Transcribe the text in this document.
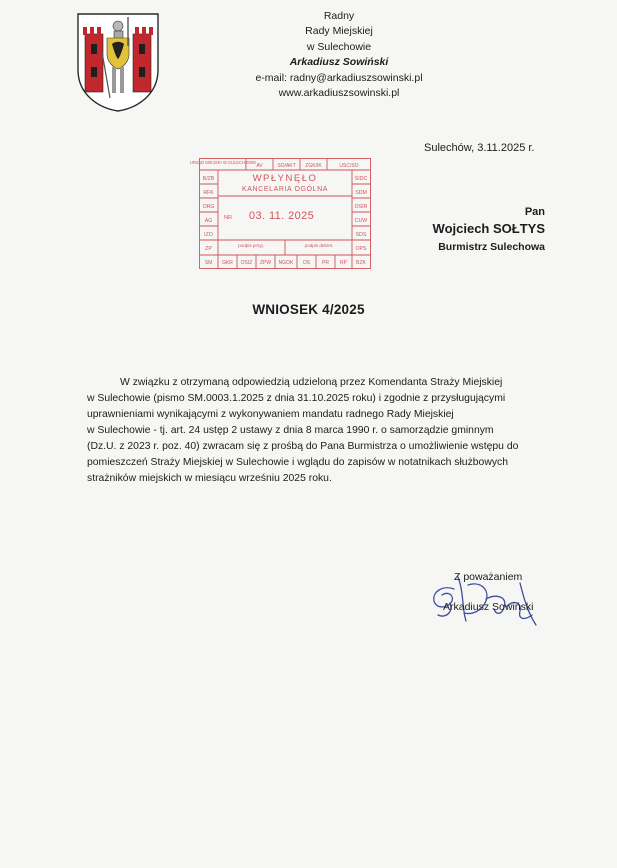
Radny
Rady Miejskiej
w Sulechowie
Arkadiusz Sowiński
e-mail: radny@arkadiuszsowinski.pl
www.arkadiuszsowinski.pl
Sulechów, 3.11.2025 r.
URZĄD MIEJSKI W SULECHOWIE
AV	SO/AKT ZGK/IK	USC/SO
B/ZB
RFK
ORG
AG
IZO
ZP
SIDC
SDM
OSIR
CUW
SDS
OPS
WPŁYNĘŁO
KANCELARIA OGÓLNA
NR 03. 11. 2025
podpis przyj.	podpis dekret.
SM GKR OSIZ ZPW NGOK OS PR RP BZK
Pan
Wojciech SOŁTYS
Burmistrz Sulechowa
WNIOSEK 4/2025
W związku z otrzymaną odpowiedzią udzieloną przez Komendanta Straży Miejskiej
w Sulechowie (pismo SM.0003.1.2025 z dnia 31.10.2025 roku) i zgodnie z przysługującymi
uprawnieniami wynikającymi z wykonywaniem mandatu radnego Rady Miejskiej
w Sulechowie - tj. art. 24 ustęp 2 ustawy z dnia 8 marca 1990 r. o samorządzie gminnym
(Dz.U. z 2023 r. poz. 40) zwracam się z prośbą do Pana Burmistrza o umożliwienie wstępu do
pomieszczeń Straży Miejskiej w Sulechowie i wglądu do zapisów w notatnikach służbowych
strażników miejskich w miesiącu wrześniu 2025 roku.
Z poważaniem
Arkadiusz Sowiński
